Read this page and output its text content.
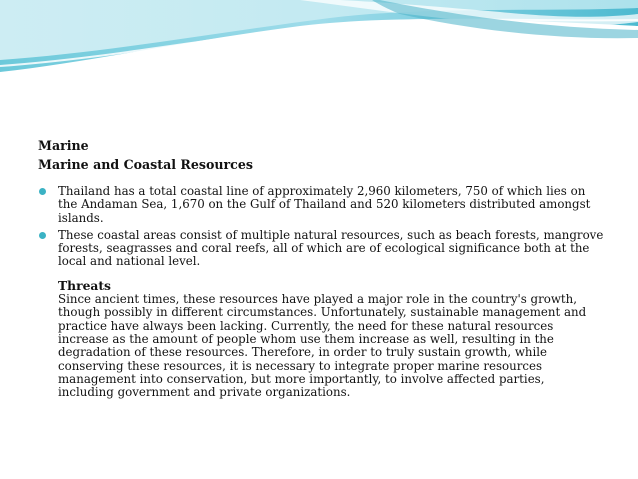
Marine

Marine and Coastal Resources

Thailand has a total coastal line of approximately 2,960 kilometers, 750 of which lies on the Andaman Sea, 1,670 on the Gulf of Thailand and 520 kilometers distributed amongst islands.
These coastal areas consist of multiple natural resources, such as beach forests, mangrove forests, seagrasses and coral reefs, all of which are of ecological significance both at the local and national level.

Threats

Since ancient times, these resources have played a major role in the country's growth, though possibly in different circumstances. Unfortunately, sustainable management and practice have always been lacking. Currently, the need for these natural resources increase as the amount of people whom use them increase as well, resulting in the degradation of these resources. Therefore, in order to truly sustain growth, while conserving these resources, it is necessary to integrate proper marine resources management into conservation, but more importantly, to involve affected parties, including government and private organizations.
